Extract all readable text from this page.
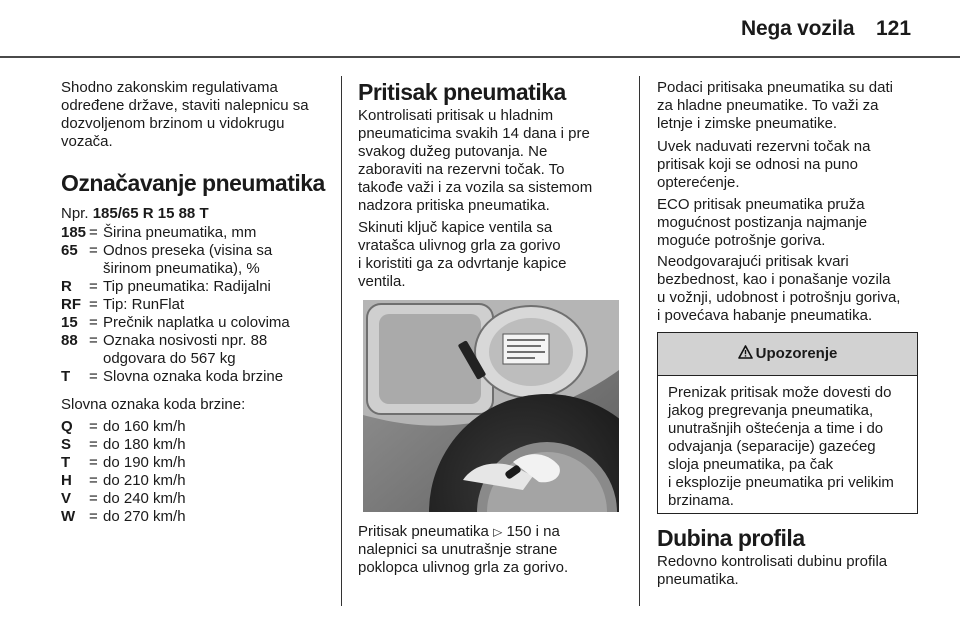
Nega vozila 121

Shodno zakonskim regulativama

određene države, staviti nalepnicu sa

dozvoljenom brzinom u vidokrugu

vozača.

Označavanje pneumatika
Npr. 185/65 R 15 88 T
185 = Širina pneumatika, mm
65 = Odnos preseka (visina sa
širinom pneumatika), %
R	= Tip pneumatika: Radijalni
RF = Tip: RunFlat
15 = Prečnik naplatka u colovima
88 = Oznaka nosivosti npr. 88
odgovara do 567 kg
T	= Slovna oznaka koda brzine
Slovna oznaka koda brzine:
Q	= do 160 km/h
S	= do 180 km/h
T	= do 190 km/h
H	= do 210 km/h
V	= do 240 km/h
W = do 270 km/h
Pritisak pneumatika

Kontrolisati pritisak u hladnim

pneumaticima svakih 14 dana i pre

svakog dužeg putovanja. Ne

zaboraviti na rezervni točak. To

takođe važi i za vozila sa sistemom

nadzora pritiska pneumatika.

Skinuti ključ kapice ventila sa

vratašca ulivnog grla za gorivo

i koristiti ga za odvrtanje kapice

ventila.

Pritisak pneumatika ▷ 150 i na

nalepnici sa unutrašnje strane

poklopca ulivnog grla za gorivo.

Podaci pritisaka pneumatika su dati

za hladne pneumatike. To važi za

letnje i zimske pneumatike.

Uvek naduvati rezervni točak na

pritisak koji se odnosi na puno

opterećenje.

ECO pritisak pneumatika pruža

mogućnost postizanja najmanje

moguće potrošnje goriva.

Neodgovarajući pritisak kvari

bezbednost, kao i ponašanje vozila

u vožnji, udobnost i potrošnju goriva,

i povećava habanje pneumatika.

Upozorenje

Prenizak pritisak može dovesti do

jakog pregrevanja pneumatika,

unutrašnjih oštećenja a time i do

odvajanja (separacije) gazećeg

sloja pneumatika, pa čak

i eksplozije pneumatika pri velikim

brzinama.

Dubina profila

Redovno kontrolisati dubinu profila

pneumatika.
